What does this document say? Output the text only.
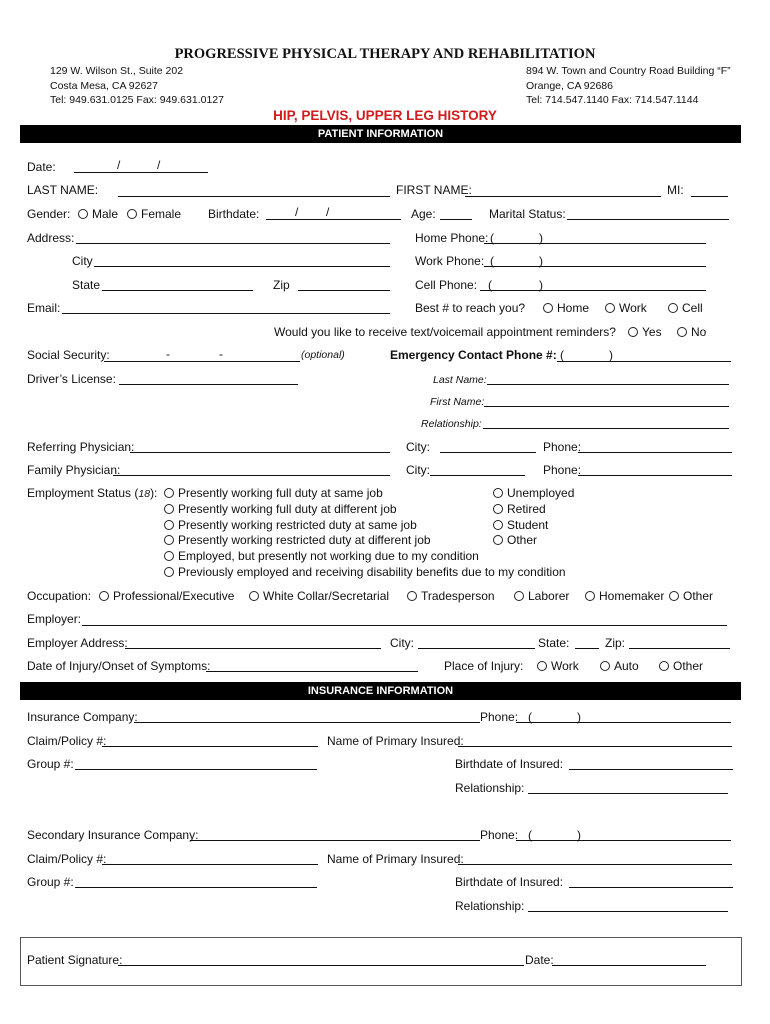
PROGRESSIVE PHYSICAL THERAPY AND REHABILITATION
129 W. Wilson St., Suite 202
Costa Mesa, CA 92627
Tel: 949.631.0125 Fax: 949.631.0127
894 W. Town and Country Road Building “F”
Orange, CA 92686
Tel: 714.547.1140 Fax: 714.547.1144
HIP, PELVIS, UPPER LEG HISTORY
PATIENT INFORMATION
Date:	/	/
LAST NAME:	FIRST NAME:	MI:
Gender:	Male	Female Birthdate:	/ /	Age:	Marital Status:
Address:	Home Phone: (	)
City	Work Phone: (	)
State	Zip	Cell Phone: (	)
Email:	Best # to reach you?	Home	Work	Cell
Would you like to receive text/voicemail appointment reminders?	Yes	No
Social Security:	-	-	(optional)	Emergency Contact Phone #: (	)
Driver’s License:	Last Name:
First Name:
Relationship:
Referring Physician:	City:	Phone:
Family Physician:	City:	Phone:
Employment Status (18):	Presently working full duty at same job
Presently working full duty at different job
Presently working restricted duty at same job
Presently working restricted duty at different job
Employed, but presently not working due to my condition
Previously employed and receiving disability benefits due to my condition
Unemployed
Retired
Student
Other
Occupation:	Professional/Executive	White Collar/Secretarial	Tradesperson	Laborer	Homemaker	Other
Employer:
Employer Address:	City:	State:	Zip:
Date of Injury/Onset of Symptoms:	Place of Injury:	Work	Auto	Other
INSURANCE INFORMATION
Insurance Company:	Phone: (	)
Claim/Policy #:	Name of Primary Insured:
Group #:	Birthdate of Insured:
Relationship:
Secondary Insurance Company:	Phone: (	)
Claim/Policy #:	Name of Primary Insured:
Group #:	Birthdate of Insured:
Relationship:
Patient Signature:	Date:
